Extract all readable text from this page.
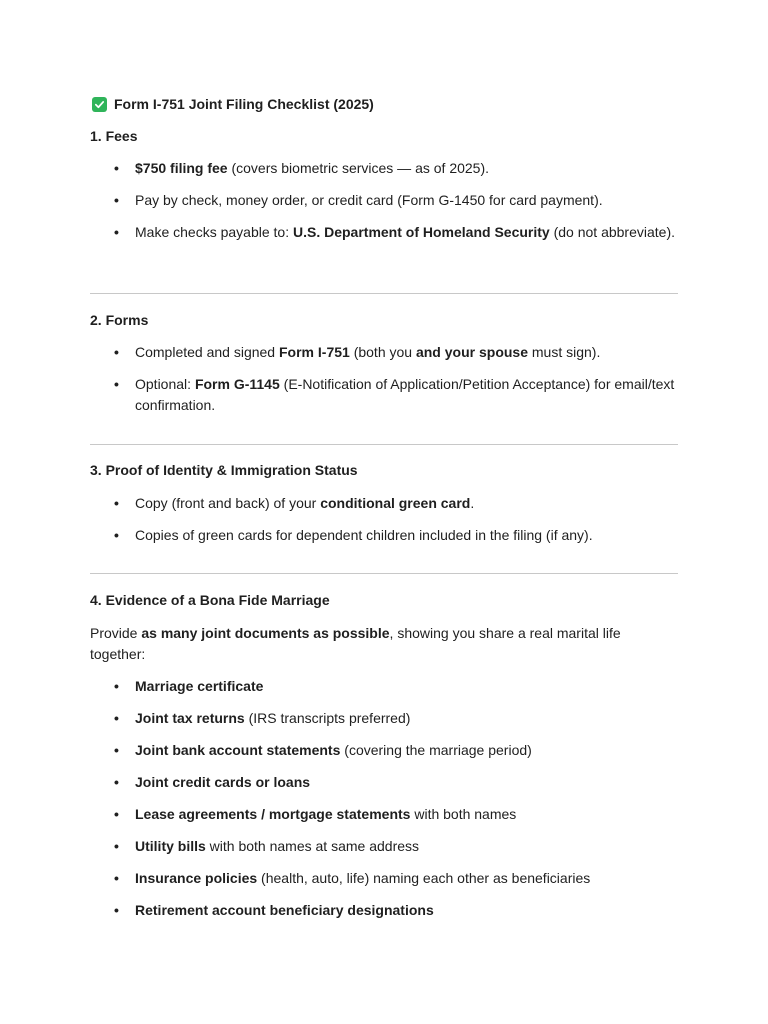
Form I-751 Joint Filing Checklist (2025)

1. Fees

• $750 filing fee (covers biometric services — as of 2025).
• Pay by check, money order, or credit card (Form G-1450 for card payment).
• Make checks payable to: U.S. Department of Homeland Security (do not abbreviate).

2. Forms

• Completed and signed Form I-751 (both you and your spouse must sign).
• Optional: Form G-1145 (E-Notification of Application/Petition Acceptance) for email/text confirmation.

3. Proof of Identity & Immigration Status

• Copy (front and back) of your conditional green card.
• Copies of green cards for dependent children included in the filing (if any).

4. Evidence of a Bona Fide Marriage

Provide as many joint documents as possible, showing you share a real marital life together:

• Marriage certificate
• Joint tax returns (IRS transcripts preferred)
• Joint bank account statements (covering the marriage period)
• Joint credit cards or loans
• Lease agreements / mortgage statements with both names
• Utility bills with both names at same address
• Insurance policies (health, auto, life) naming each other as beneficiaries
• Retirement account beneficiary designations
